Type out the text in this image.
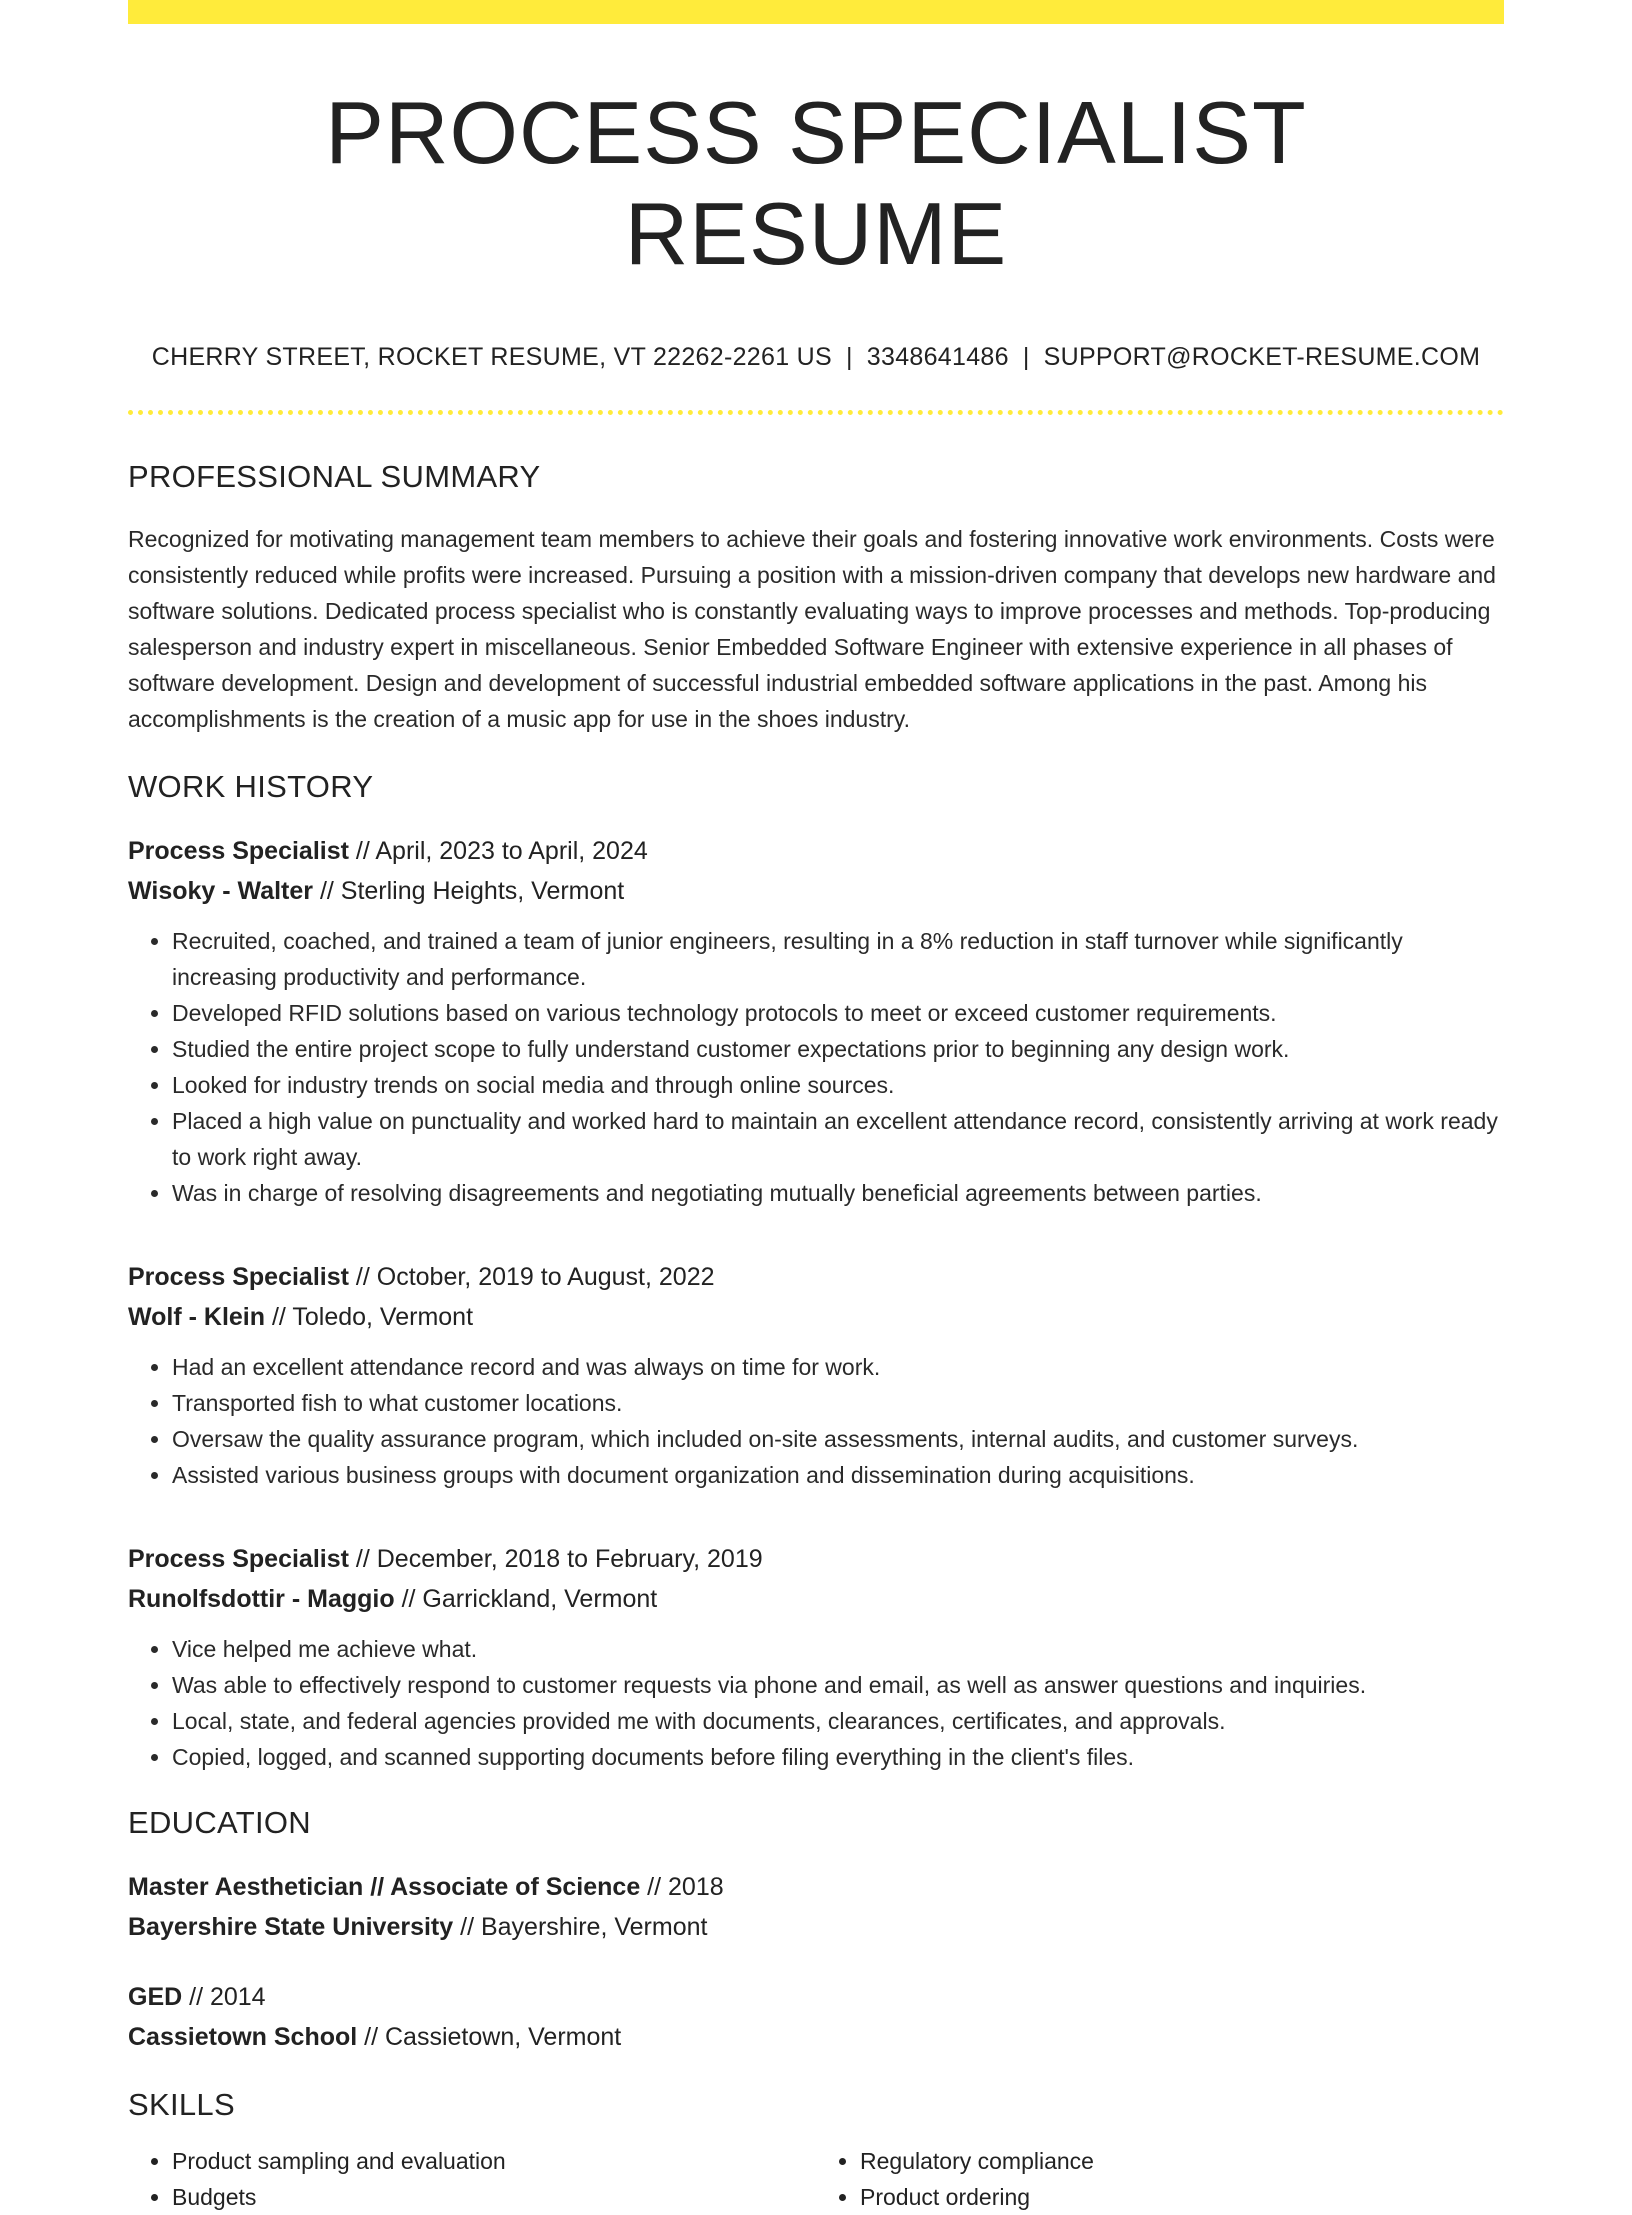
PROCESS SPECIALIST RESUME
CHERRY STREET, ROCKET RESUME, VT 22262-2261 US | 3348641486 | SUPPORT@ROCKET-RESUME.COM
PROFESSIONAL SUMMARY
Recognized for motivating management team members to achieve their goals and fostering innovative work environments. Costs were consistently reduced while profits were increased. Pursuing a position with a mission-driven company that develops new hardware and software solutions. Dedicated process specialist who is constantly evaluating ways to improve processes and methods. Top-producing salesperson and industry expert in miscellaneous. Senior Embedded Software Engineer with extensive experience in all phases of software development. Design and development of successful industrial embedded software applications in the past. Among his accomplishments is the creation of a music app for use in the shoes industry.
WORK HISTORY
Process Specialist // April, 2023 to April, 2024
Wisoky - Walter // Sterling Heights, Vermont
• Recruited, coached, and trained a team of junior engineers, resulting in a 8% reduction in staff turnover while significantly increasing productivity and performance.
• Developed RFID solutions based on various technology protocols to meet or exceed customer requirements.
• Studied the entire project scope to fully understand customer expectations prior to beginning any design work.
• Looked for industry trends on social media and through online sources.
• Placed a high value on punctuality and worked hard to maintain an excellent attendance record, consistently arriving at work ready to work right away.
• Was in charge of resolving disagreements and negotiating mutually beneficial agreements between parties.
Process Specialist // October, 2019 to August, 2022
Wolf - Klein // Toledo, Vermont
• Had an excellent attendance record and was always on time for work.
• Transported fish to what customer locations.
• Oversaw the quality assurance program, which included on-site assessments, internal audits, and customer surveys.
• Assisted various business groups with document organization and dissemination during acquisitions.
Process Specialist // December, 2018 to February, 2019
Runolfsdottir - Maggio // Garrickland, Vermont
• Vice helped me achieve what.
• Was able to effectively respond to customer requests via phone and email, as well as answer questions and inquiries.
• Local, state, and federal agencies provided me with documents, clearances, certificates, and approvals.
• Copied, logged, and scanned supporting documents before filing everything in the client's files.
EDUCATION
Master Aesthetician // Associate of Science // 2018
Bayershire State University // Bayershire, Vermont
GED // 2014
Cassietown School // Cassietown, Vermont
SKILLS
• Product sampling and evaluation
• Budgets
• Regulatory compliance
• Product ordering
